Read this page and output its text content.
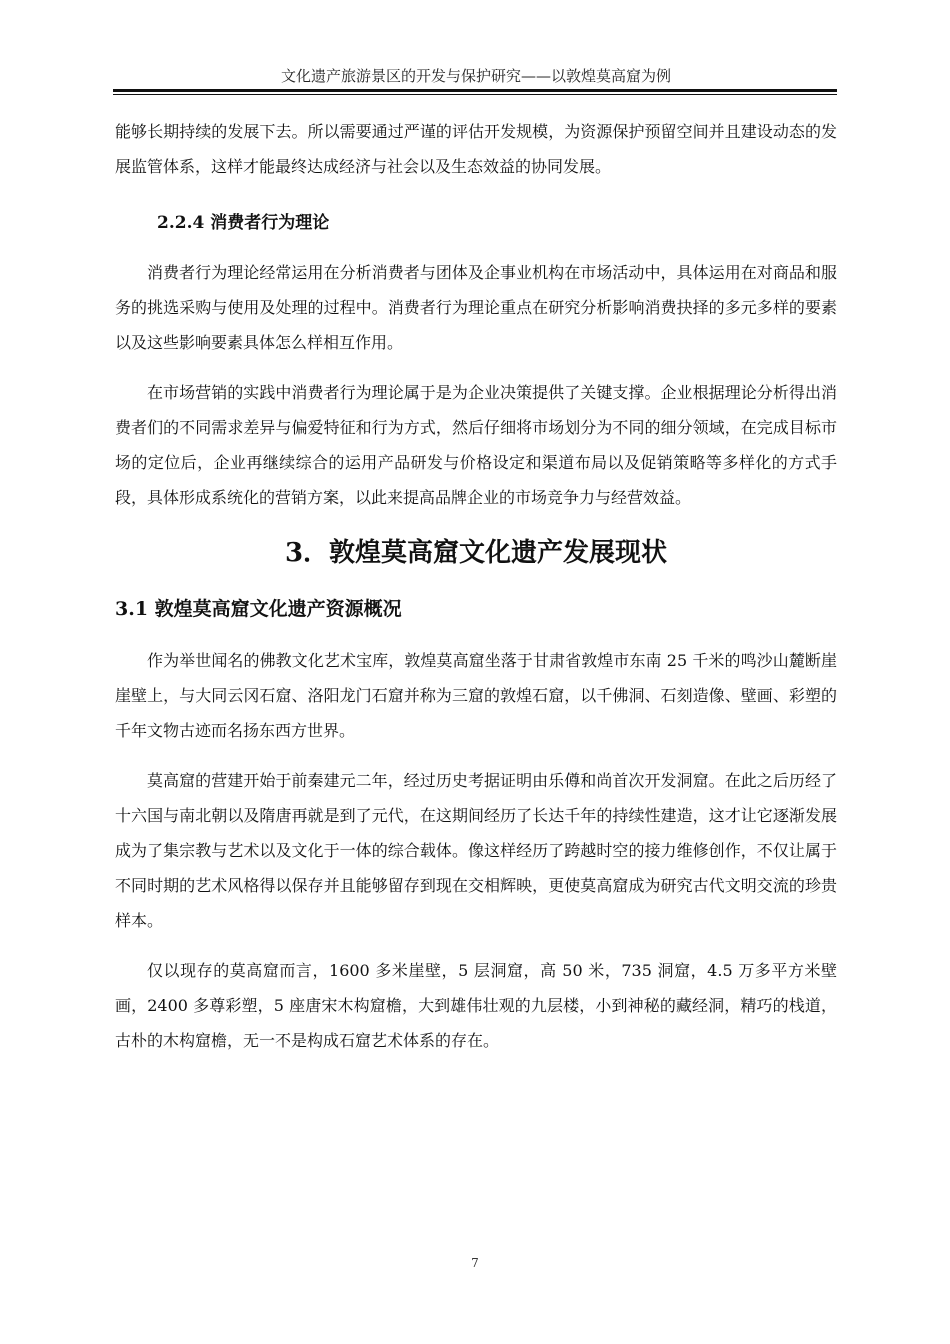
文化遗产旅游景区的开发与保护研究——以敦煌莫高窟为例

能够长期持续的发展下去。所以需要通过严谨的评估开发规模，为资源保护预留空间并且建设动态的发展监管体系，这样才能最终达成经济与社会以及生态效益的协同发展。

2.2.4 消费者行为理论

消费者行为理论经常运用在分析消费者与团体及企事业机构在市场活动中，具体运用在对商品和服务的挑选采购与使用及处理的过程中。消费者行为理论重点在研究分析影响消费抉择的多元多样的要素以及这些影响要素具体怎么样相互作用。

在市场营销的实践中消费者行为理论属于是为企业决策提供了关键支撑。企业根据理论分析得出消费者们的不同需求差异与偏爱特征和行为方式，然后仔细将市场划分为不同的细分领域，在完成目标市场的定位后，企业再继续综合的运用产品研发与价格设定和渠道布局以及促销策略等多样化的方式手段，具体形成系统化的营销方案，以此来提高品牌企业的市场竞争力与经营效益。

3．敦煌莫高窟文化遗产发展现状
3.1 敦煌莫高窟文化遗产资源概况

作为举世闻名的佛教文化艺术宝库，敦煌莫高窟坐落于甘肃省敦煌市东南 25 千米的鸣沙山麓断崖崖壁上，与大同云冈石窟、洛阳龙门石窟并称为三窟的敦煌石窟，以千佛洞、石刻造像、壁画、彩塑的千年文物古迹而名扬东西方世界。

莫高窟的营建开始于前秦建元二年，经过历史考据证明由乐僔和尚首次开发洞窟。在此之后历经了十六国与南北朝以及隋唐再就是到了元代，在这期间经历了长达千年的持续性建造，这才让它逐渐发展成为了集宗教与艺术以及文化于一体的综合载体。像这样经历了跨越时空的接力维修创作，不仅让属于不同时期的艺术风格得以保存并且能够留存到现在交相辉映，更使莫高窟成为研究古代文明交流的珍贵样本。

仅以现存的莫高窟而言，1600 多米崖壁，5 层洞窟，高 50 米，735 洞窟，4.5 万多平方米壁画，2400 多尊彩塑，5 座唐宋木构窟檐，大到雄伟壮观的九层楼，小到神秘的藏经洞，精巧的栈道，古朴的木构窟檐，无一不是构成石窟艺术体系的存在。

7
